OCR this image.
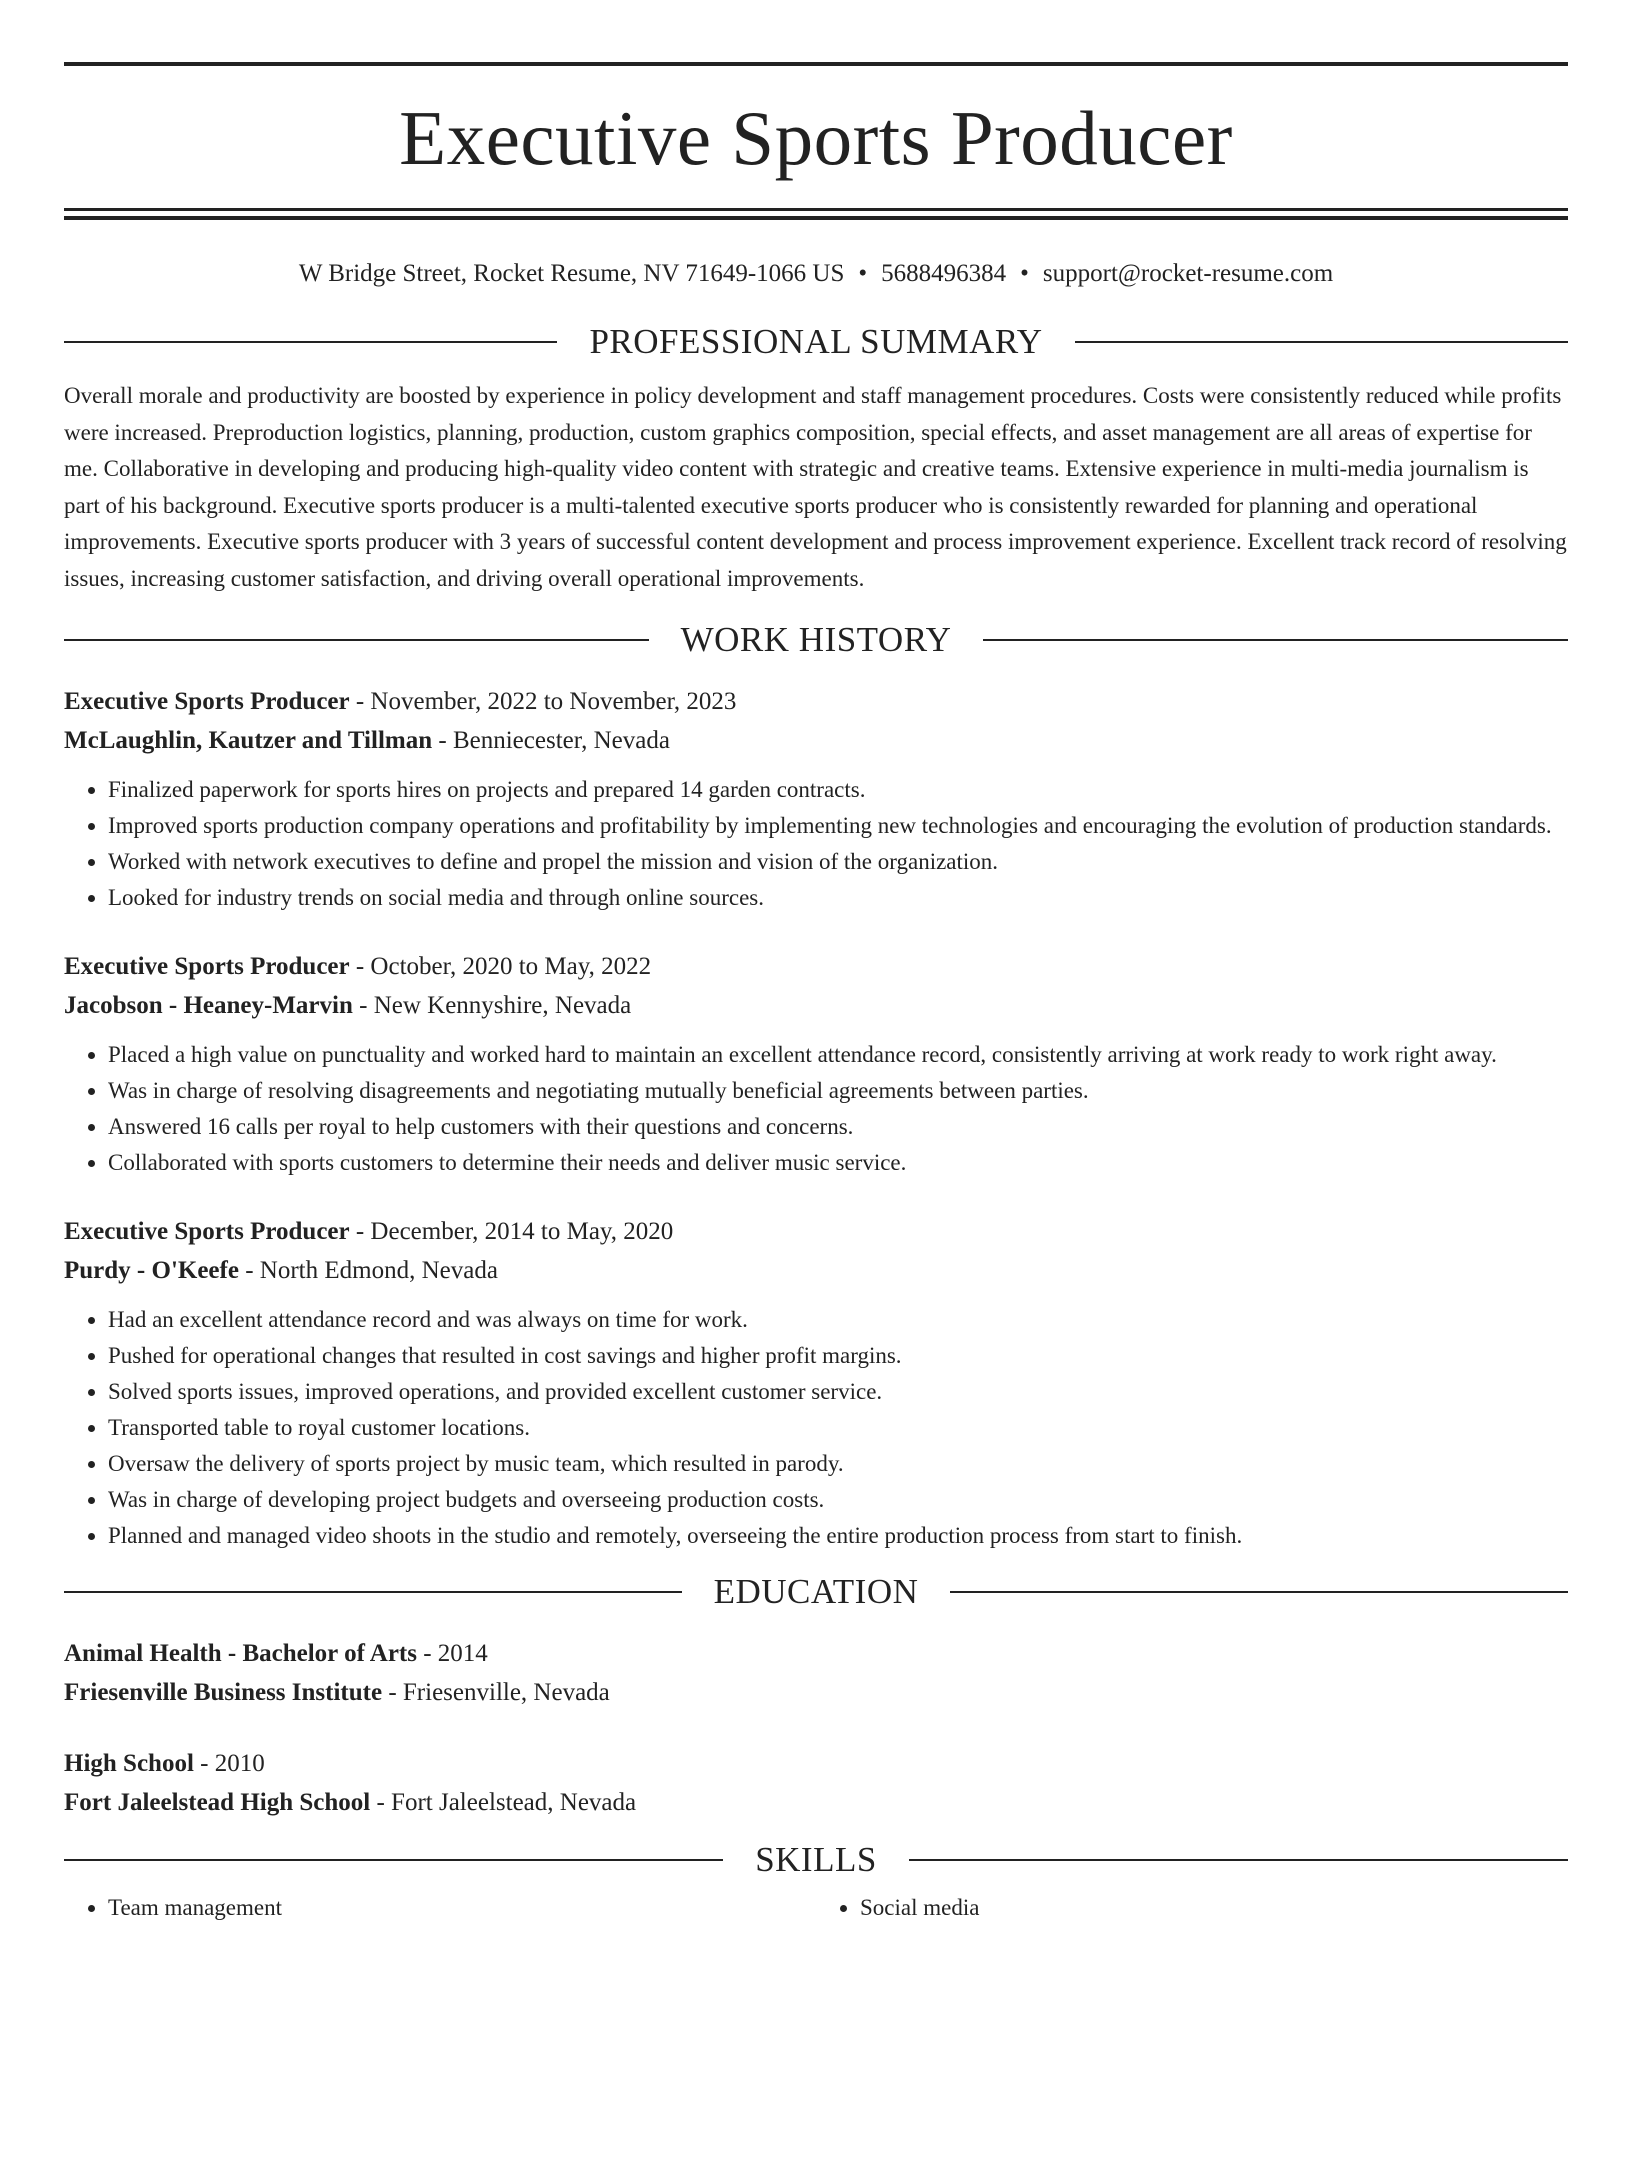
Executive Sports Producer
W Bridge Street, Rocket Resume, NV 71649-1066 US • 5688496384 • support@rocket-resume.com
PROFESSIONAL SUMMARY

Overall morale and productivity are boosted by experience in policy development and staff management procedures. Costs were consistently reduced while profits were increased. Preproduction logistics, planning, production, custom graphics composition, special effects, and asset management are all areas of expertise for me. Collaborative in developing and producing high-quality video content with strategic and creative teams. Extensive experience in multi-media journalism is part of his background. Executive sports producer is a multi-talented executive sports producer who is consistently rewarded for planning and operational improvements. Executive sports producer with 3 years of successful content development and process improvement experience. Excellent track record of resolving issues, increasing customer satisfaction, and driving overall operational improvements.

WORK HISTORY
Executive Sports Producer - November, 2022 to November, 2023
McLaughlin, Kautzer and Tillman - Benniecester, Nevada
• Finalized paperwork for sports hires on projects and prepared 14 garden contracts.
• Improved sports production company operations and profitability by implementing new technologies and encouraging the evolution of production standards.
• Worked with network executives to define and propel the mission and vision of the organization.
• Looked for industry trends on social media and through online sources.
Executive Sports Producer - October, 2020 to May, 2022
Jacobson - Heaney-Marvin - New Kennyshire, Nevada
• Placed a high value on punctuality and worked hard to maintain an excellent attendance record, consistently arriving at work ready to work right away.
• Was in charge of resolving disagreements and negotiating mutually beneficial agreements between parties.
• Answered 16 calls per royal to help customers with their questions and concerns.
• Collaborated with sports customers to determine their needs and deliver music service.
Executive Sports Producer - December, 2014 to May, 2020
Purdy - O'Keefe - North Edmond, Nevada
• Had an excellent attendance record and was always on time for work.
• Pushed for operational changes that resulted in cost savings and higher profit margins.
• Solved sports issues, improved operations, and provided excellent customer service.
• Transported table to royal customer locations.
• Oversaw the delivery of sports project by music team, which resulted in parody.
• Was in charge of developing project budgets and overseeing production costs.
• Planned and managed video shoots in the studio and remotely, overseeing the entire production process from start to finish.
EDUCATION
Animal Health - Bachelor of Arts - 2014
Friesenville Business Institute - Friesenville, Nevada
High School - 2010
Fort Jaleelstead High School - Fort Jaleelstead, Nevada
SKILLS
• Team management
•	Social media
